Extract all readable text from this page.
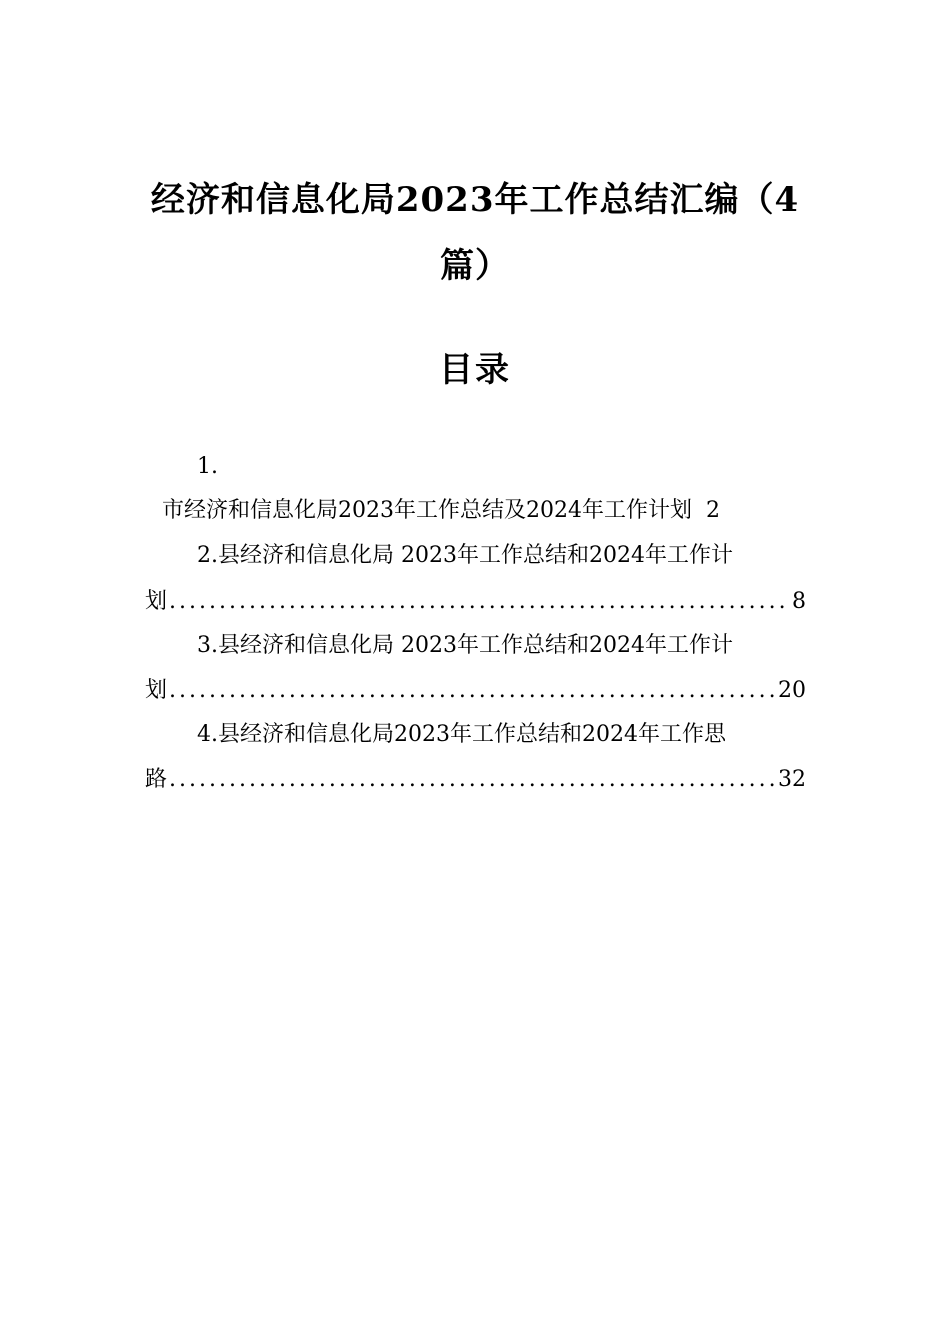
经济和信息化局2023年工作总结汇编（4
篇）
目录
1.
市经济和信息化局2023年工作总结及2024年工作计划 2
2.县经济和信息化局 2023年工作总结和2024年工作计
划 .....	8
3.县经济和信息化局 2023年工作总结和2024年工作计
划 .....	20
4.县经济和信息化局2023年工作总结和2024年工作思
路 .....	32
